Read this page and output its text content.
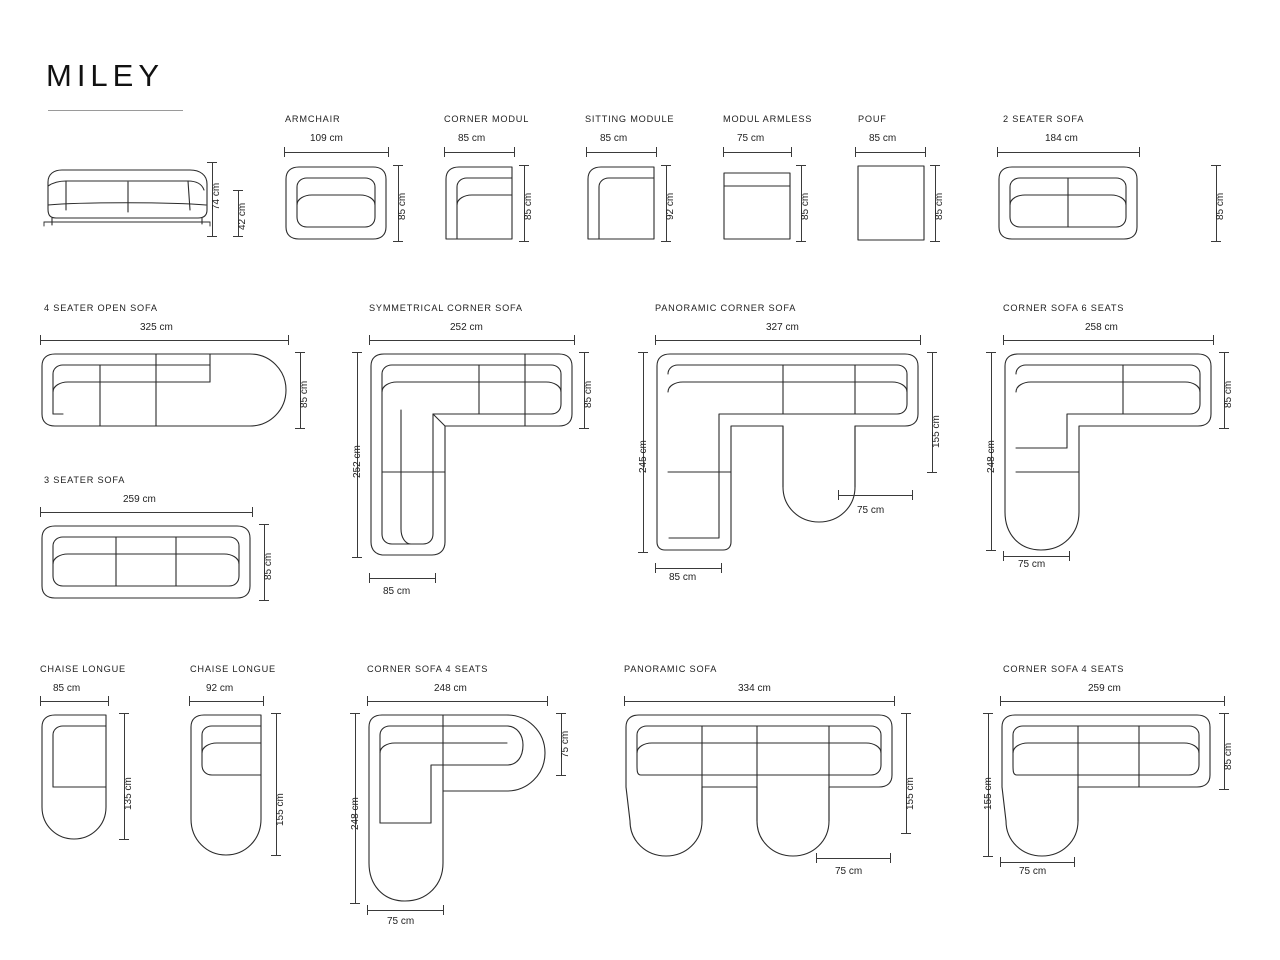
MILEY
74 cm
42 cm
ARMCHAIR
109 cm
85 cm
CORNER MODUL
85 cm
85 cm
SITTING MODULE
85 cm
92 cm
MODUL ARMLESS
75 cm
85 cm
POUF
85 cm
85 cm
2 SEATER SOFA
184 cm
85 cm
4 SEATER OPEN SOFA
325 cm
85 cm
3 SEATER SOFA
259 cm
85 cm
SYMMETRICAL CORNER SOFA
252 cm
85 cm
252 cm
85 cm
PANORAMIC CORNER SOFA
327 cm
155 cm
245 cm
85 cm
75 cm
CORNER SOFA 6 SEATS
258 cm
85 cm
248 cm
75 cm
CHAISE LONGUE
85 cm
135 cm
CHAISE LONGUE
92 cm
155 cm
CORNER SOFA 4 SEATS
248 cm
75 cm
248 cm
75 cm
PANORAMIC SOFA
334 cm
155 cm
75 cm
CORNER SOFA 4 SEATS
259 cm
85 cm
155 cm
75 cm
